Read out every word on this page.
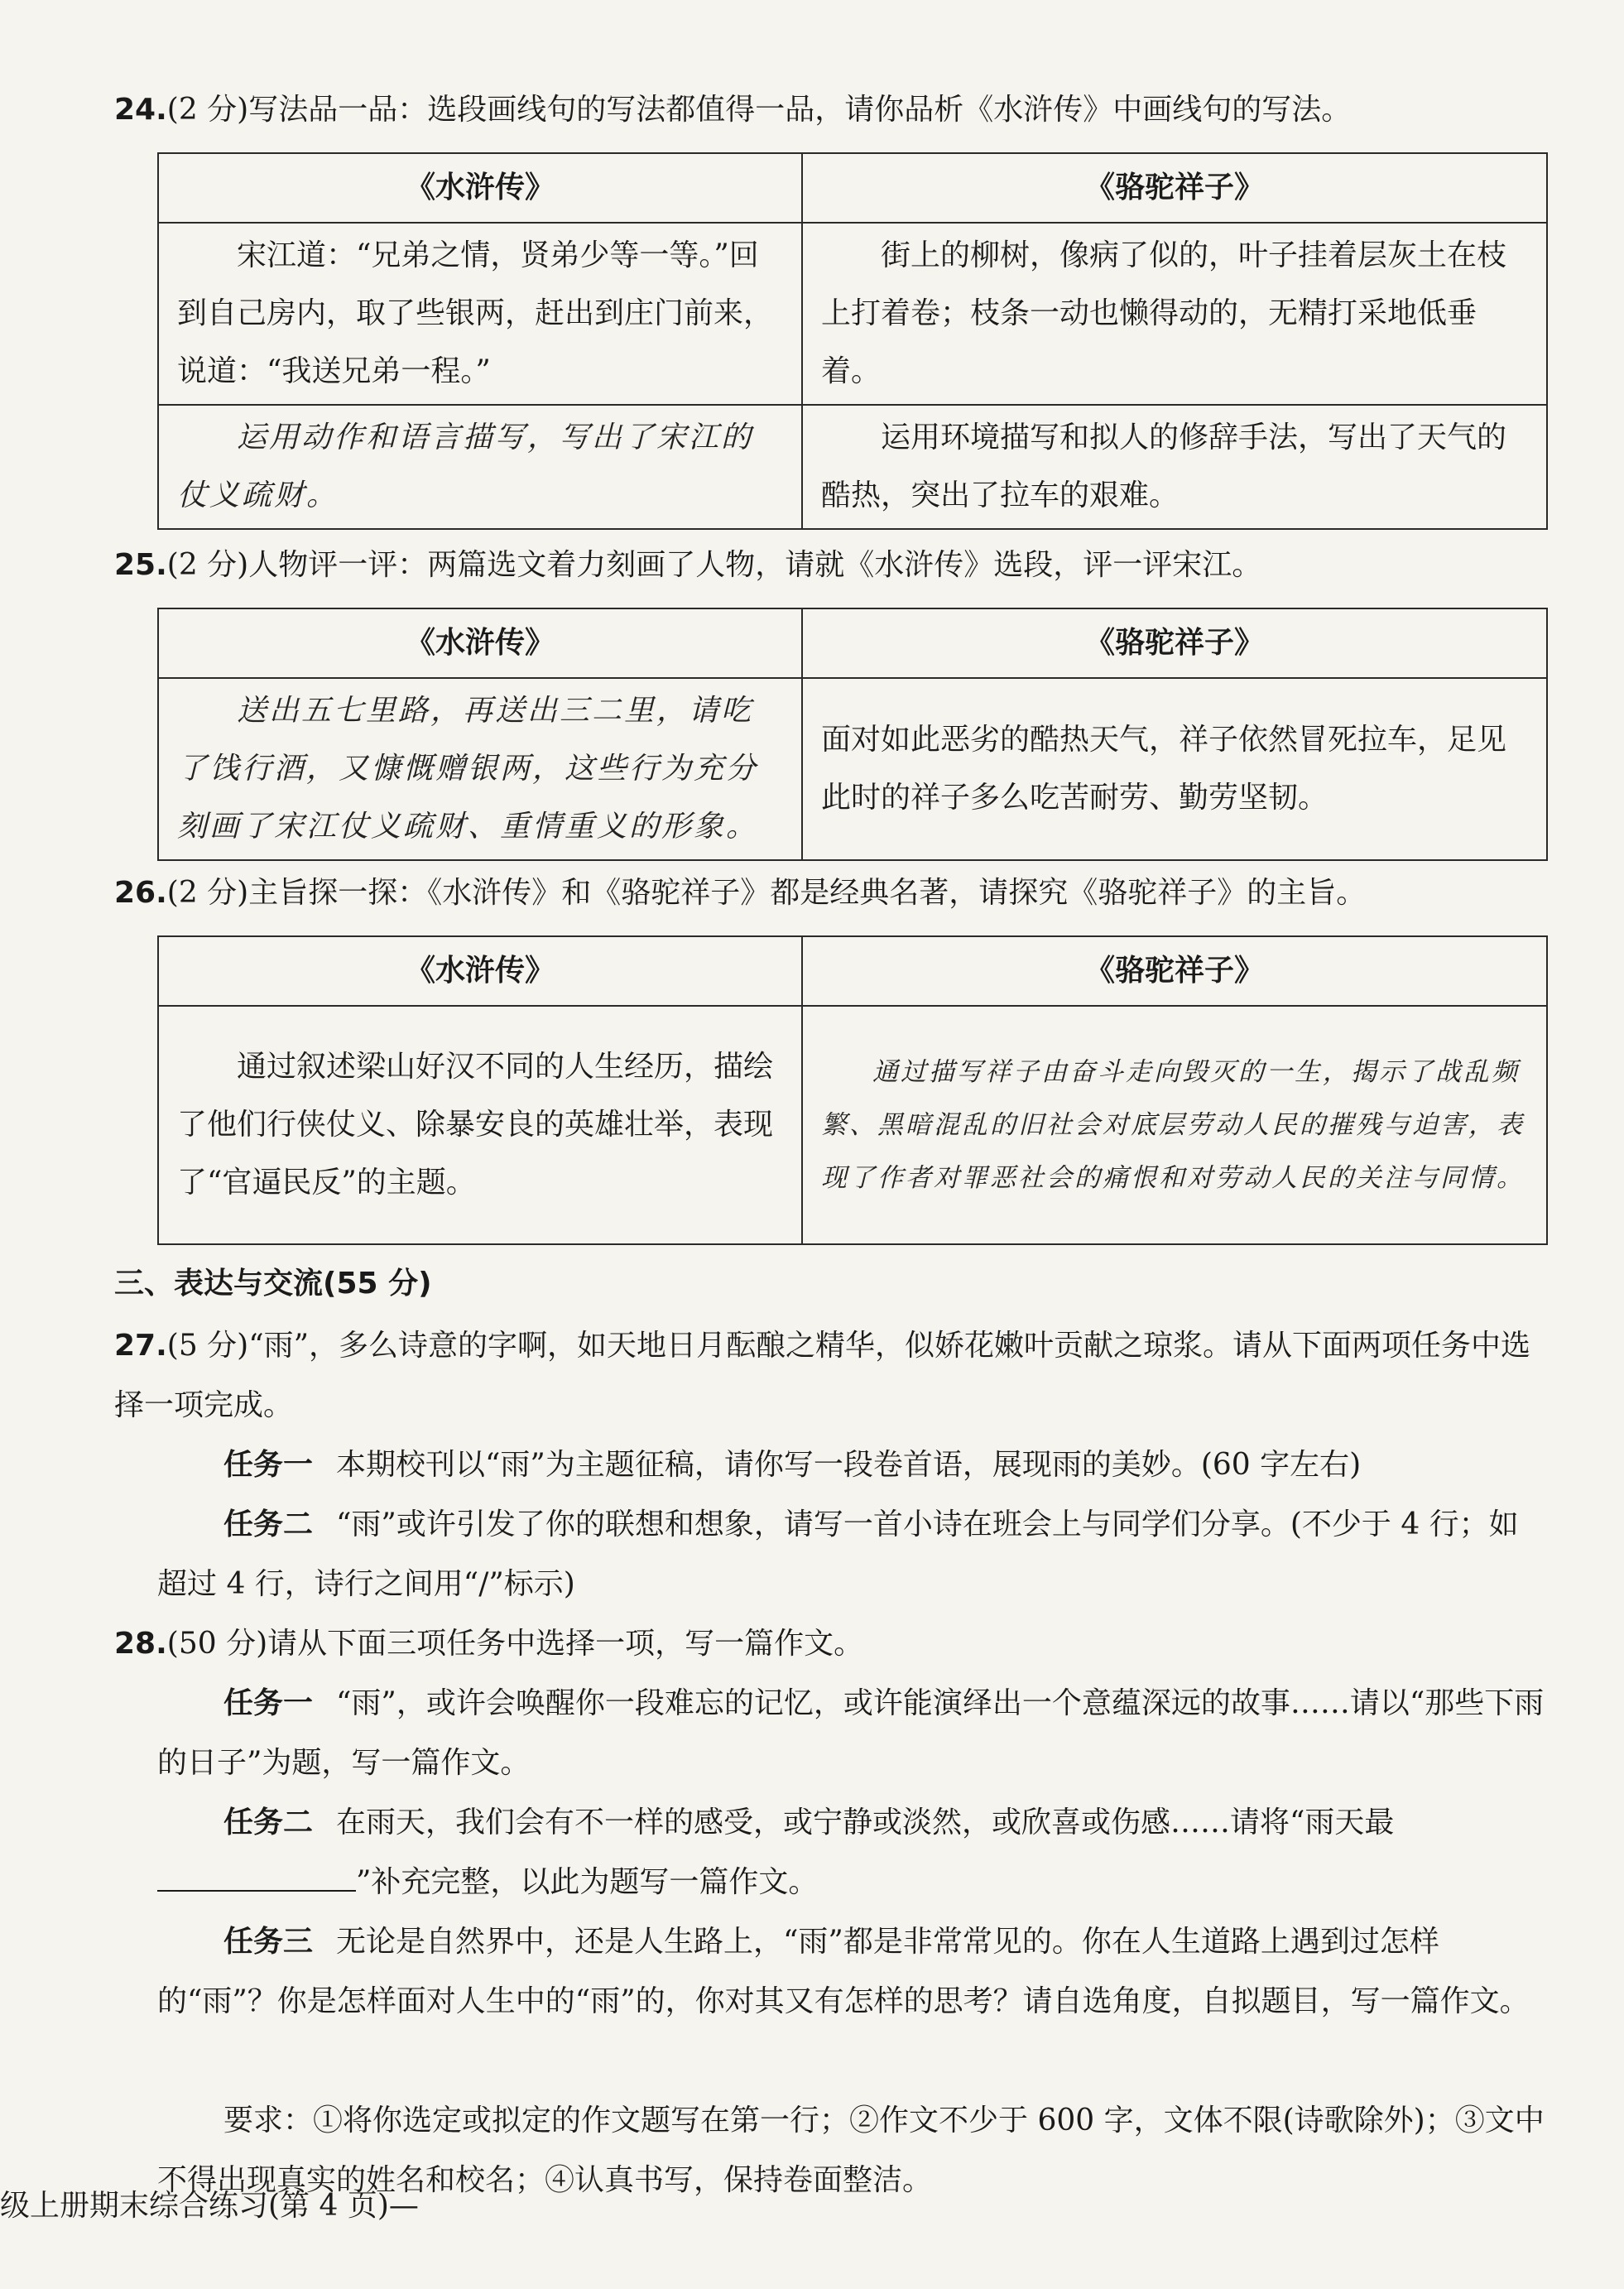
24.(2 分)写法品一品：选段画线句的写法都值得一品，请你品析《水浒传》中画线句的写法。
《水浒传》	《骆驼祥子》
宋江道：“兄弟之情，贤弟少等一等。”回到自己房内，取了些银两，赶出到庄门前来，说道：“我送兄弟一程。”	街上的柳树，像病了似的，叶子挂着层灰土在枝上打着卷；枝条一动也懒得动的，无精打采地低垂着。
运用动作和语言描写，写出了宋江的仗义疏财。	运用环境描写和拟人的修辞手法，写出了天气的酷热，突出了拉车的艰难。
25.(2 分)人物评一评：两篇选文着力刻画了人物，请就《水浒传》选段，评一评宋江。
《水浒传》	《骆驼祥子》
送出五七里路，再送出三二里，请吃了饯行酒，又慷慨赠银两，这些行为充分刻画了宋江仗义疏财、重情重义的形象。	面对如此恶劣的酷热天气，祥子依然冒死拉车，足见此时的祥子多么吃苦耐劳、勤劳坚韧。
26.(2 分)主旨探一探：《水浒传》和《骆驼祥子》都是经典名著，请探究《骆驼祥子》的主旨。
《水浒传》	《骆驼祥子》
通过叙述梁山好汉不同的人生经历，描绘了他们行侠仗义、除暴安良的英雄壮举，表现了“官逼民反”的主题。	通过描写祥子由奋斗走向毁灭的一生，揭示了战乱频繁、黑暗混乱的旧社会对底层劳动人民的摧残与迫害，表现了作者对罪恶社会的痛恨和对劳动人民的关注与同情。
三、表达与交流(55 分)
27.(5 分)“雨”，多么诗意的字啊，如天地日月酝酿之精华，似娇花嫩叶贡献之琼浆。请从下面两项任务中选择一项完成。
任务一 本期校刊以“雨”为主题征稿，请你写一段卷首语，展现雨的美妙。(60 字左右)
任务二 “雨”或许引发了你的联想和想象，请写一首小诗在班会上与同学们分享。(不少于 4 行；如超过 4 行，诗行之间用“/”标示)
28.(50 分)请从下面三项任务中选择一项，写一篇作文。
任务一 “雨”，或许会唤醒你一段难忘的记忆，或许能演绎出一个意蕴深远的故事……请以“那些下雨的日子”为题，写一篇作文。
任务二 在雨天，我们会有不一样的感受，或宁静或淡然，或欣喜或伤感……请将“雨天最”补充完整，以此为题写一篇作文。
任务三 无论是自然界中，还是人生路上，“雨”都是非常常见的。你在人生道路上遇到过怎样的“雨”？你是怎样面对人生中的“雨”的，你对其又有怎样的思考？请自选角度，自拟题目，写一篇作文。
要求：①将你选定或拟定的作文题写在第一行；②作文不少于 600 字，文体不限(诗歌除外)；③文中不得出现真实的姓名和校名；④认真书写，保持卷面整洁。
级上册期末综合练习(第 4 页)—
